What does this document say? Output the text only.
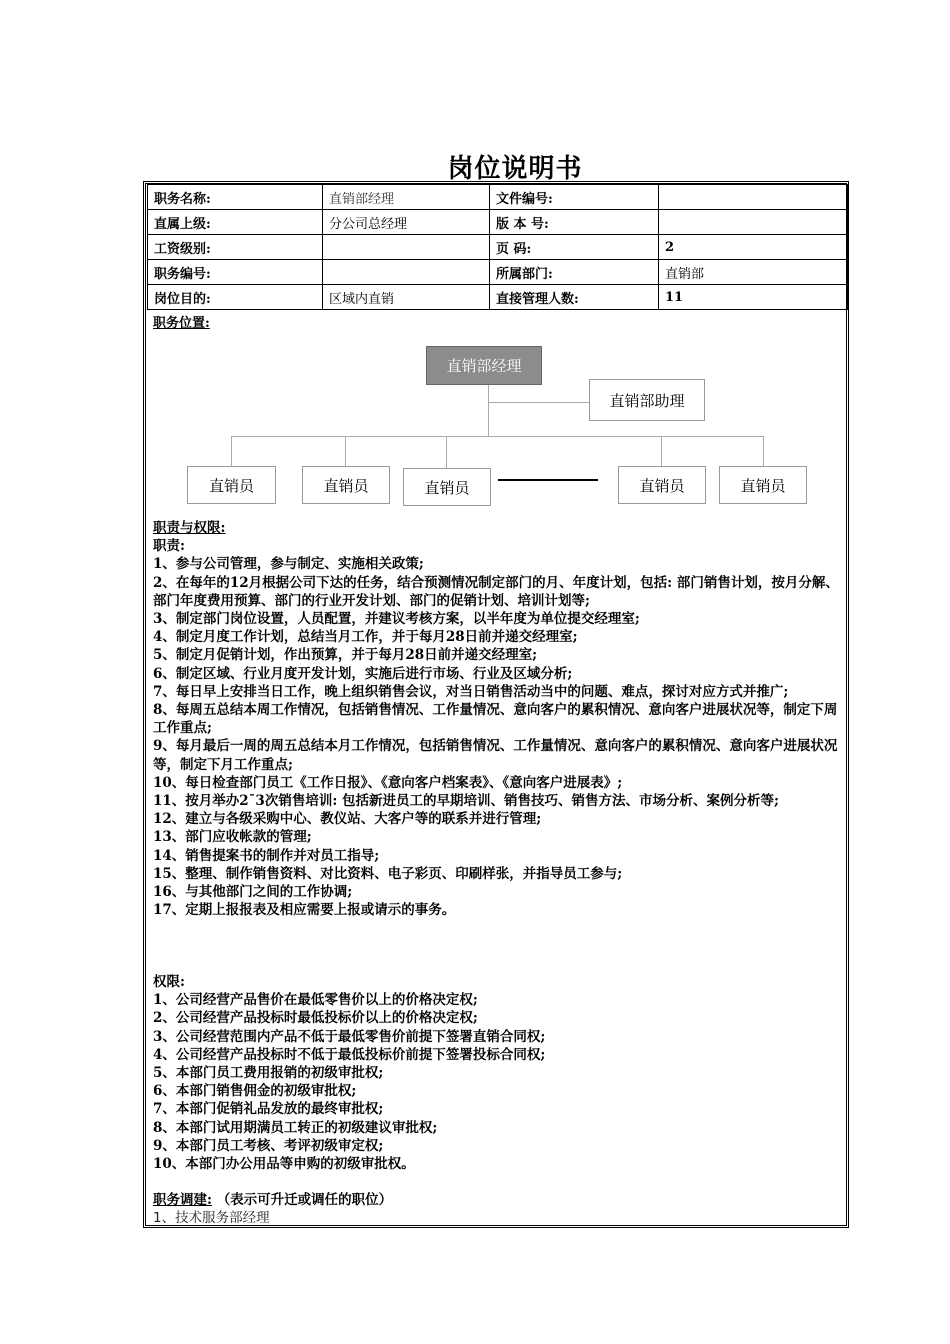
岗位说明书
职务名称:	直销部经理	文件编号:	
直属上级:	分公司总经理	版 本 号:	
工资级别:		页 码:	2
职务编号:		所属部门:	直销部
岗位目的:	区域内直销	直接管理人数:	11
职务位置:
直销部经理
直销部助理
直销员	直销员	直销员	直销员	直销员
职责与权限:
职责:
1、参与公司管理，参与制定、实施相关政策;
2、在每年的12月根据公司下达的任务，结合预测情况制定部门的月、年度计划，包括: 部门销售计划，按月分解、部门年度费用预算、部门的行业开发计划、部门的促销计划、培训计划等;
3、制定部门岗位设置，人员配置，并建议考核方案，以半年度为单位提交经理室;
4、制定月度工作计划，总结当月工作，并于每月28日前并递交经理室;
5、制定月促销计划，作出预算，并于每月28日前并递交经理室;
6、制定区域、行业月度开发计划，实施后进行市场、行业及区域分析;
7、每日早上安排当日工作，晚上组织销售会议，对当日销售活动当中的问题、难点，探讨对应方式并推广;
8、每周五总结本周工作情况，包括销售情况、工作量情况、意向客户的累积情况、意向客户进展状况等，制定下周工作重点;
9、每月最后一周的周五总结本月工作情况，包括销售情况、工作量情况、意向客户的累积情况、意向客户进展状况等，制定下月工作重点;
10、每日检查部门员工《工作日报》、《意向客户档案表》、《意向客户进展表》;
11、按月举办2¯3次销售培训: 包括新进员工的早期培训、销售技巧、销售方法、市场分析、案例分析等;
12、建立与各级采购中心、教仪站、大客户等的联系并进行管理;
13、部门应收帐款的管理;
14、销售提案书的制作并对员工指导;
15、整理、制作销售资料、对比资料、电子彩页、印刷样张，并指导员工参与;
16、与其他部门之间的工作协调;
17、定期上报报表及相应需要上报或请示的事务。
权限:
1、公司经营产品售价在最低零售价以上的价格决定权;
2、公司经营产品投标时最低投标价以上的价格决定权;
3、公司经营范围内产品不低于最低零售价前提下签署直销合同权;
4、公司经营产品投标时不低于最低投标价前提下签署投标合同权;
5、本部门员工费用报销的初级审批权;
6、本部门销售佣金的初级审批权;
7、本部门促销礼品发放的最终审批权;
8、本部门试用期满员工转正的初级建议审批权;
9、本部门员工考核、考评初级审定权;
10、本部门办公用品等申购的初级审批权。
职务调建: （表示可升迁或调任的职位）
1、技术服务部经理
